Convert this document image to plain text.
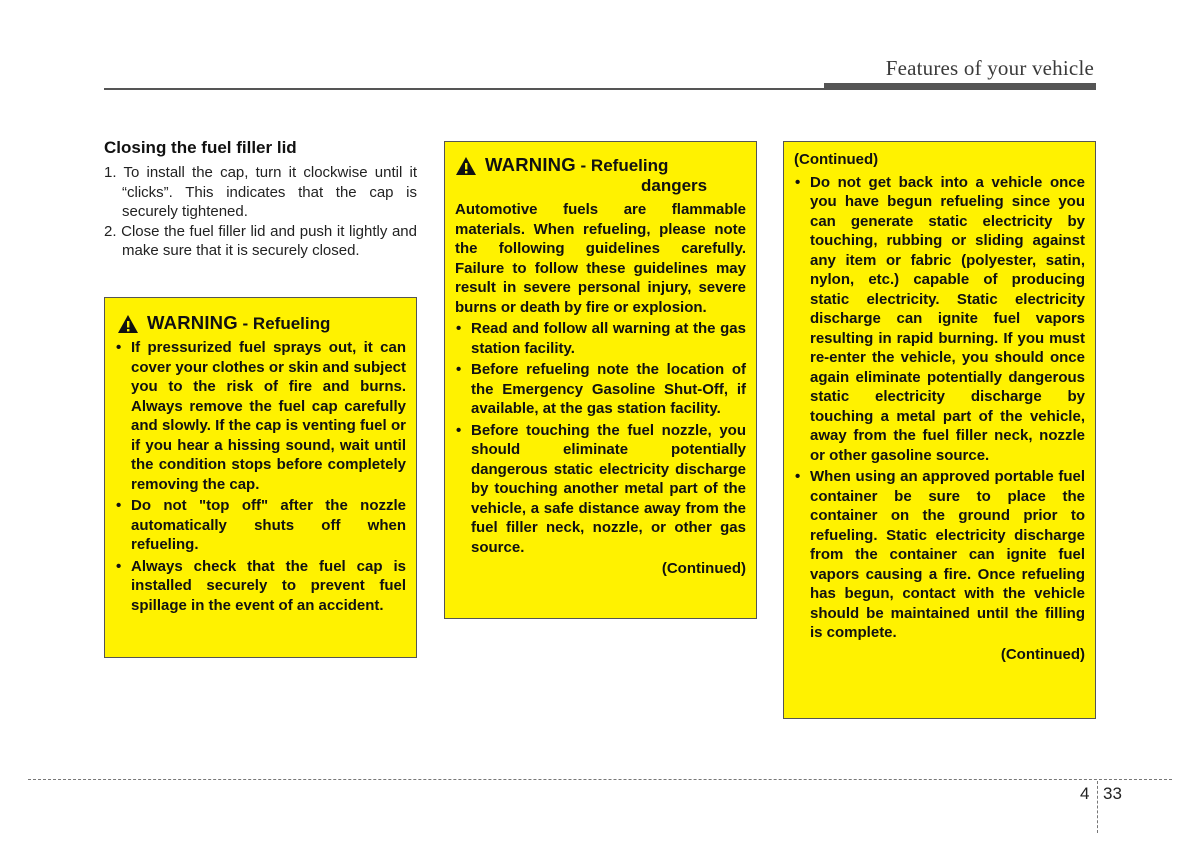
Features of your vehicle
Closing the fuel filler lid
1. To install the cap, turn it clockwise until it “clicks”. This indicates that the cap is securely tightened.
2. Close the fuel filler lid and push it lightly and make sure that it is securely closed.
WARNING - Refueling
• If pressurized fuel sprays out, it can cover your clothes or skin and subject you to the risk of fire and burns. Always remove the fuel cap carefully and slowly. If the cap is venting fuel or if you hear a hissing sound, wait until the condition stops before completely removing the cap.
• Do not "top off" after the nozzle automatically shuts off when refueling.
• Always check that the fuel cap is installed securely to prevent fuel spillage in the event of an accident.
WARNING - Refueling
dangers

Automotive fuels are flammable materials. When refueling, please note the following guidelines carefully. Failure to follow these guidelines may result in severe personal injury, severe burns or death by fire or explosion.

• Read and follow all warning at the gas station facility.
• Before refueling note the location of the Emergency Gasoline Shut-Off, if available, at the gas station facility.
• Before touching the fuel nozzle, you should eliminate potentially dangerous static electricity discharge by touching another metal part of the vehicle, a safe distance away from the fuel filler neck, nozzle, or other gas source.
(Continued)
(Continued)
• Do not get back into a vehicle once you have begun refueling since you can generate static electricity by touching, rubbing or sliding against any item or fabric (polyester, satin, nylon, etc.) capable of producing static electricity. Static electricity discharge can ignite fuel vapors resulting in rapid burning. If you must re-enter the vehicle, you should once again eliminate potentially dangerous static electricity discharge by touching a metal part of the vehicle, away from the fuel filler neck, nozzle or other gasoline source.
• When using an approved portable fuel container be sure to place the container on the ground prior to refueling. Static electricity discharge from the container can ignite fuel vapors causing a fire. Once refueling has begun, contact with the vehicle should be maintained until the filling is complete.
(Continued)
4 33
